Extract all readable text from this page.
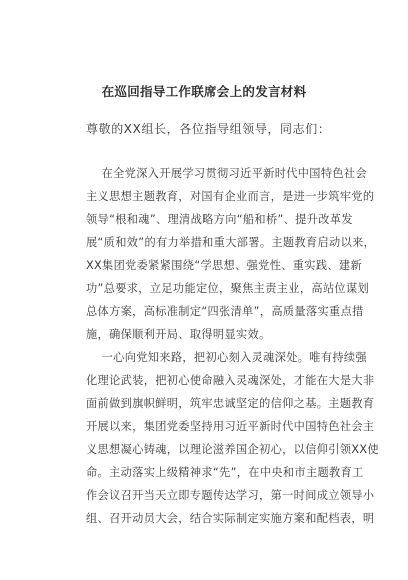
在巡回指导工作联席会上的发言材料
尊敬的XX组长，各位指导组领导，同志们：
在全党深入开展学习贯彻习近平新时代中国特色社会
主义思想主题教育，对国有企业而言，是进一步筑牢党的
领导“根和魂”、理清战略方向“船和桥”、提升改革发
展“质和效”的有力举措和重大部署。主题教育启动以来，
XX集团党委紧紧围绕“学思想、强党性、重实践、建新
功”总要求，立足功能定位，聚焦主责主业，高站位谋划
总体方案，高标准制定“四张清单”，高质量落实重点措
施，确保顺利开局、取得明显实效。
一心向党知来路，把初心刻入灵魂深处。唯有持续强
化理论武装，把初心使命融入灵魂深处，才能在大是大非
面前做到旗帜鲜明，筑牢忠诚坚定的信仰之基。主题教育
开展以来，集团党委坚持用习近平新时代中国特色社会主
义思想凝心铸魂，以理论滋养国企初心，以信仰引领XX使
命。主动落实上级精神求“先”，在中央和市主题教育工
作会议召开当天立即专题传达学习，第一时间成立领导小
组、召开动员大会，结合实际制定实施方案和配档表，明
